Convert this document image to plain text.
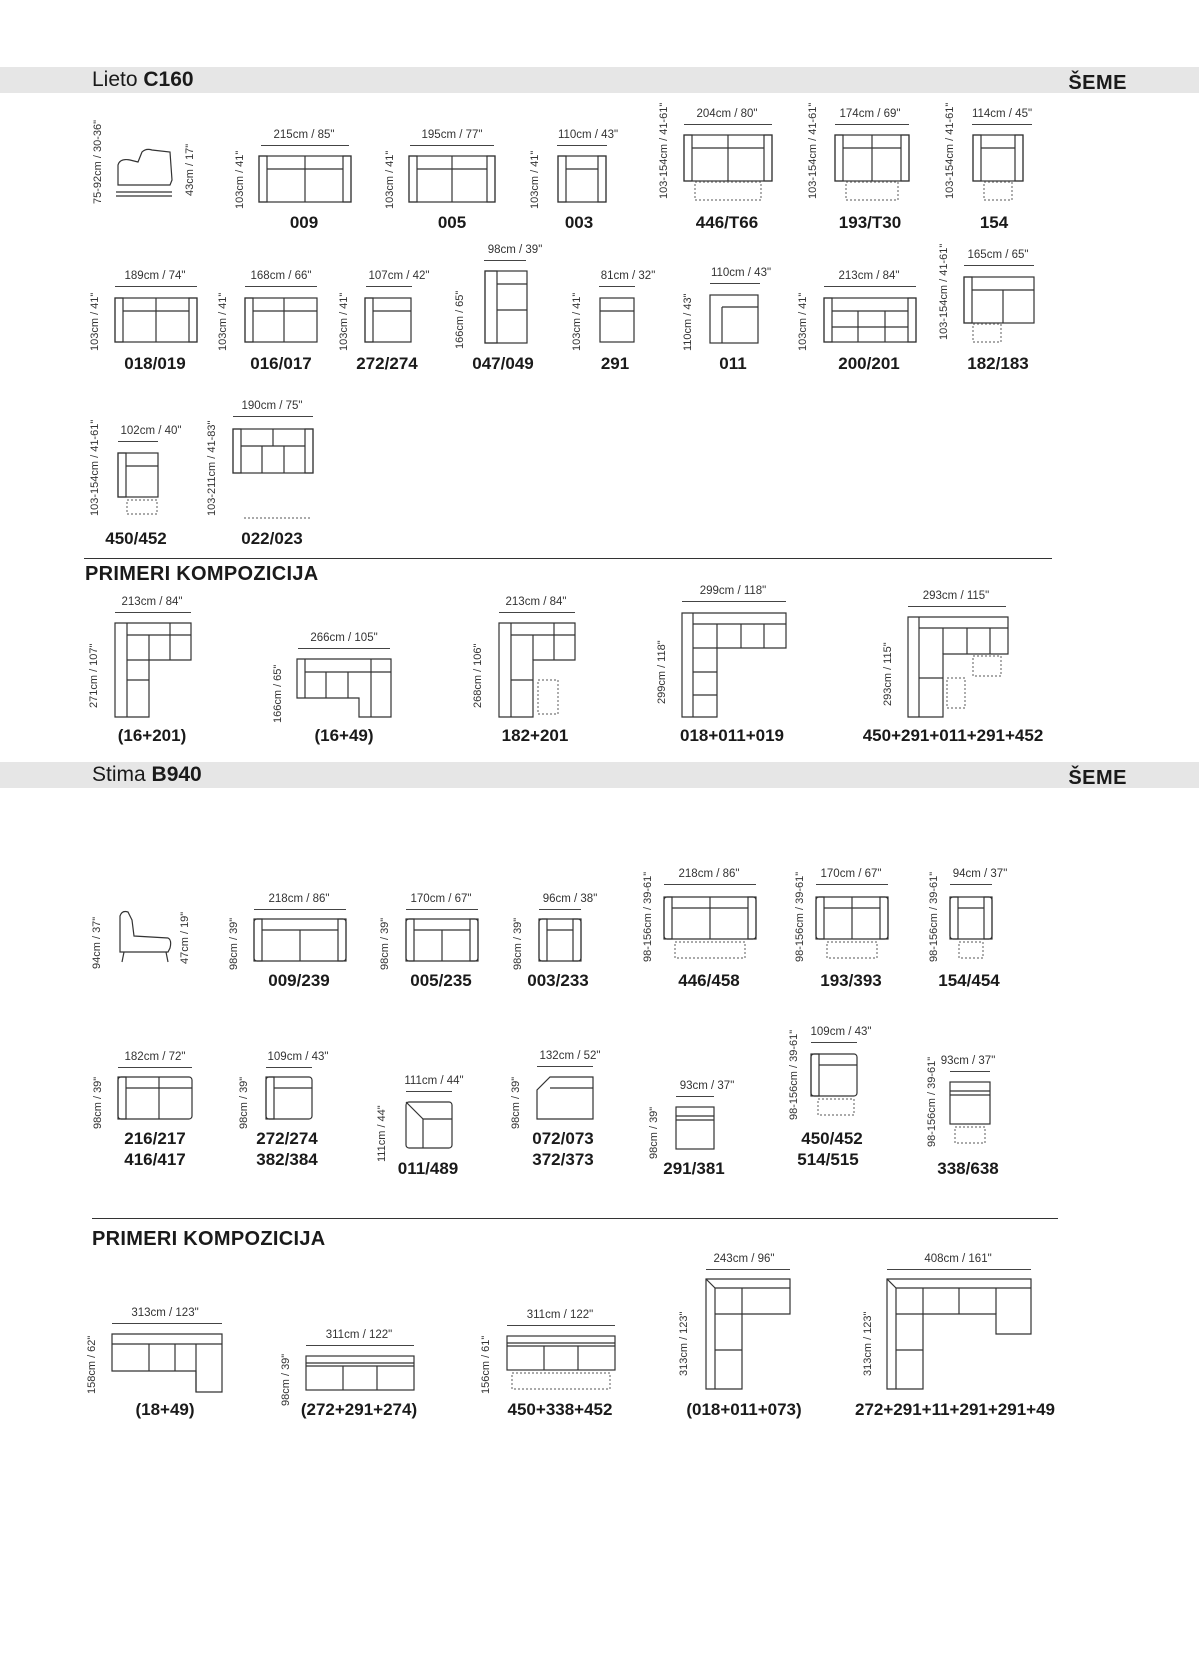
Lieto C160	ŠEME
75-92cm / 30-36"	43cm / 17"
215cm / 85"
103cm / 41"
009
195cm / 77"
103cm / 41"
005
110cm / 43"
103cm / 41"
003
204cm / 80"
103-154cm / 41-61"
446/T66
174cm / 69"
103-154cm / 41-61"
193/T30
114cm / 45"
103-154cm / 41-61"
154
189cm / 74"
103cm / 41"
018/019
168cm / 66"
103cm / 41"
016/017
107cm / 42"
103cm / 41"
272/274
98cm / 39"
166cm / 65"
047/049
81cm / 32"
103cm / 41"
291
110cm / 43"
110cm / 43"
011
213cm / 84"
103cm / 41"
200/201
165cm / 65"
103-154cm / 41-61"
182/183
102cm / 40"
103-154cm / 41-61"
450/452
190cm / 75"
103-211cm / 41-83"
022/023
PRIMERI KOMPOZICIJA
213cm / 84"
271cm / 107"
(16+201)
266cm / 105"
166cm / 65"
(16+49)
213cm / 84"
268cm / 106"
182+201
299cm / 118"
299cm / 118"
018+011+019
293cm / 115"
293cm / 115"
450+291+011+291+452
Stima B940	ŠEME
94cm / 37"	47cm / 19"
218cm / 86"
98cm / 39"
009/239
170cm / 67"
98cm / 39"
005/235
96cm / 38"
98cm / 39"
003/233
218cm / 86"
98-156cm / 39-61"
446/458
170cm / 67"
98-156cm / 39-61"
193/393
94cm / 37"
98-156cm / 39-61"
154/454
182cm / 72"
98cm / 39"
216/217
416/417
109cm / 43"
98cm / 39"
272/274
382/384
111cm / 44"
111cm / 44"
011/489
132cm / 52"
98cm / 39"
072/073
372/373
93cm / 37"
98cm / 39"
291/381
109cm / 43"
98-156cm / 39-61"
450/452
514/515
93cm / 37"
98-156cm / 39-61"
338/638
PRIMERI KOMPOZICIJA
313cm / 123"
158cm / 62"
(18+49)
311cm / 122"
98cm / 39"
(272+291+274)
311cm / 122"
156cm / 61"
450+338+452
243cm / 96"
313cm / 123"
(018+011+073)
408cm / 161"
313cm / 123"
272+291+11+291+291+49
